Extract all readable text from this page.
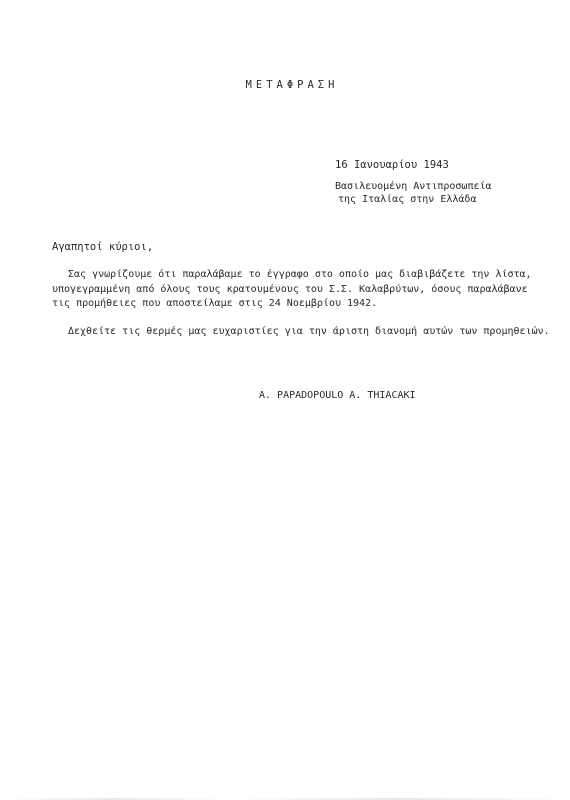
ΜΕΤΑΦΡΑΣΗ
16 Ιανουαρίου 1943
Βασιλευομένη Αντιπροσωπεία
της Ιταλίας στην Ελλάδα
Αγαπητοί κύριοι,
Σας γνωρίζουμε ότι παραλάβαμε το έγγραφο στο οποίο μας διαβιβάζετε την λίστα,
υπογεγραμμένη από όλους τους κρατουμένους του Σ.Σ. Καλαβρύτων, όσους παραλάβανε
τις προμήθειες που αποστείλαμε στις 24 Νοεμβρίου 1942.
Δεχθείτε τις θερμές μας ευχαριστίες για την άριστη διανομή αυτών των προμηθειών.
A. PAPADOPOULO A. THIACAKI
